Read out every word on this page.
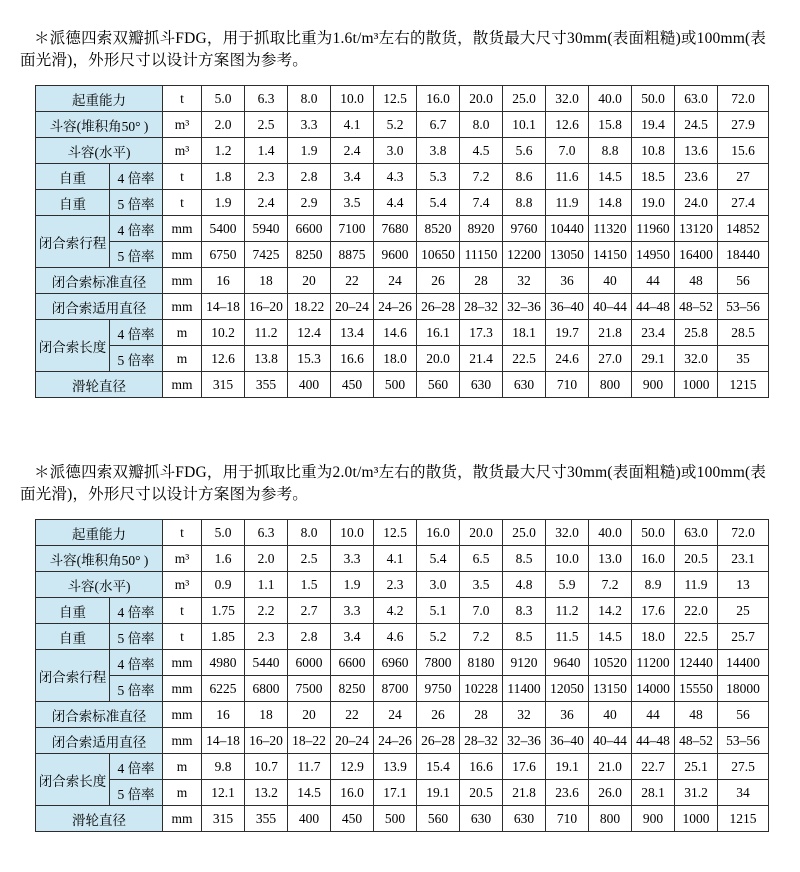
＊派德四索双瓣抓斗FDG，用于抓取比重为1.6t/m³左右的散货，散货最大尺寸30mm(表面粗糙)或100mm(表面光滑)，外形尺寸以设计方案图为参考。

起重能力		t	5.0	6.3	8.0	10.0	12.5	16.0	20.0	25.0	32.0	40.0	50.0	63.0	72.0
斗容(堆积角50° )		m³	2.0	2.5	3.3	4.1	5.2	6.7	8.0	10.1	12.6	15.8	19.4	24.5	27.9
斗容(水平)		m³	1.2	1.4	1.9	2.4	3.0	3.8	4.5	5.6	7.0	8.8	10.8	13.6	15.6
自重	4 倍率	t	1.8	2.3	2.8	3.4	4.3	5.3	7.2	8.6	11.6	14.5	18.5	23.6	27
自重	5 倍率	t	1.9	2.4	2.9	3.5	4.4	5.4	7.4	8.8	11.9	14.8	19.0	24.0	27.4
闭合索行程	4 倍率	mm	5400	5940	6600	7100	7680	8520	8920	9760	10440	11320	11960	13120	14852
	5 倍率	mm	6750	7425	8250	8875	9600	10650	11150	12200	13050	14150	14950	16400	18440
闭合索标准直径		mm	16	18	20	22	24	26	28	32	36	40	44	48	56
闭合索适用直径		mm	14–18	16–20	18.22	20–24	24–26	26–28	28–32	32–36	36–40	40–44	44–48	48–52	53–56
闭合索长度	4 倍率	m	10.2	11.2	12.4	13.4	14.6	16.1	17.3	18.1	19.7	21.8	23.4	25.8	28.5
	5 倍率	m	12.6	13.8	15.3	16.6	18.0	20.0	21.4	22.5	24.6	27.0	29.1	32.0	35
滑轮直径		mm	315	355	400	450	500	560	630	630	710	800	900	1000	1215

＊派德四索双瓣抓斗FDG，用于抓取比重为2.0t/m³左右的散货，散货最大尺寸30mm(表面粗糙)或100mm(表面光滑)，外形尺寸以设计方案图为参考。

起重能力		t	5.0	6.3	8.0	10.0	12.5	16.0	20.0	25.0	32.0	40.0	50.0	63.0	72.0
斗容(堆积角50° )		m³	1.6	2.0	2.5	3.3	4.1	5.4	6.5	8.5	10.0	13.0	16.0	20.5	23.1
斗容(水平)		m³	0.9	1.1	1.5	1.9	2.3	3.0	3.5	4.8	5.9	7.2	8.9	11.9	13
自重	4 倍率	t	1.75	2.2	2.7	3.3	4.2	5.1	7.0	8.3	11.2	14.2	17.6	22.0	25
自重	5 倍率	t	1.85	2.3	2.8	3.4	4.6	5.2	7.2	8.5	11.5	14.5	18.0	22.5	25.7
闭合索行程	4 倍率	mm	4980	5440	6000	6600	6960	7800	8180	9120	9640	10520	11200	12440	14400
	5 倍率	mm	6225	6800	7500	8250	8700	9750	10228	11400	12050	13150	14000	15550	18000
闭合索标准直径		mm	16	18	20	22	24	26	28	32	36	40	44	48	56
闭合索适用直径		mm	14–18	16–20	18–22	20–24	24–26	26–28	28–32	32–36	36–40	40–44	44–48	48–52	53–56
闭合索长度	4 倍率	m	9.8	10.7	11.7	12.9	13.9	15.4	16.6	17.6	19.1	21.0	22.7	25.1	27.5
	5 倍率	m	12.1	13.2	14.5	16.0	17.1	19.1	20.5	21.8	23.6	26.0	28.1	31.2	34
滑轮直径		mm	315	355	400	450	500	560	630	630	710	800	900	1000	1215
